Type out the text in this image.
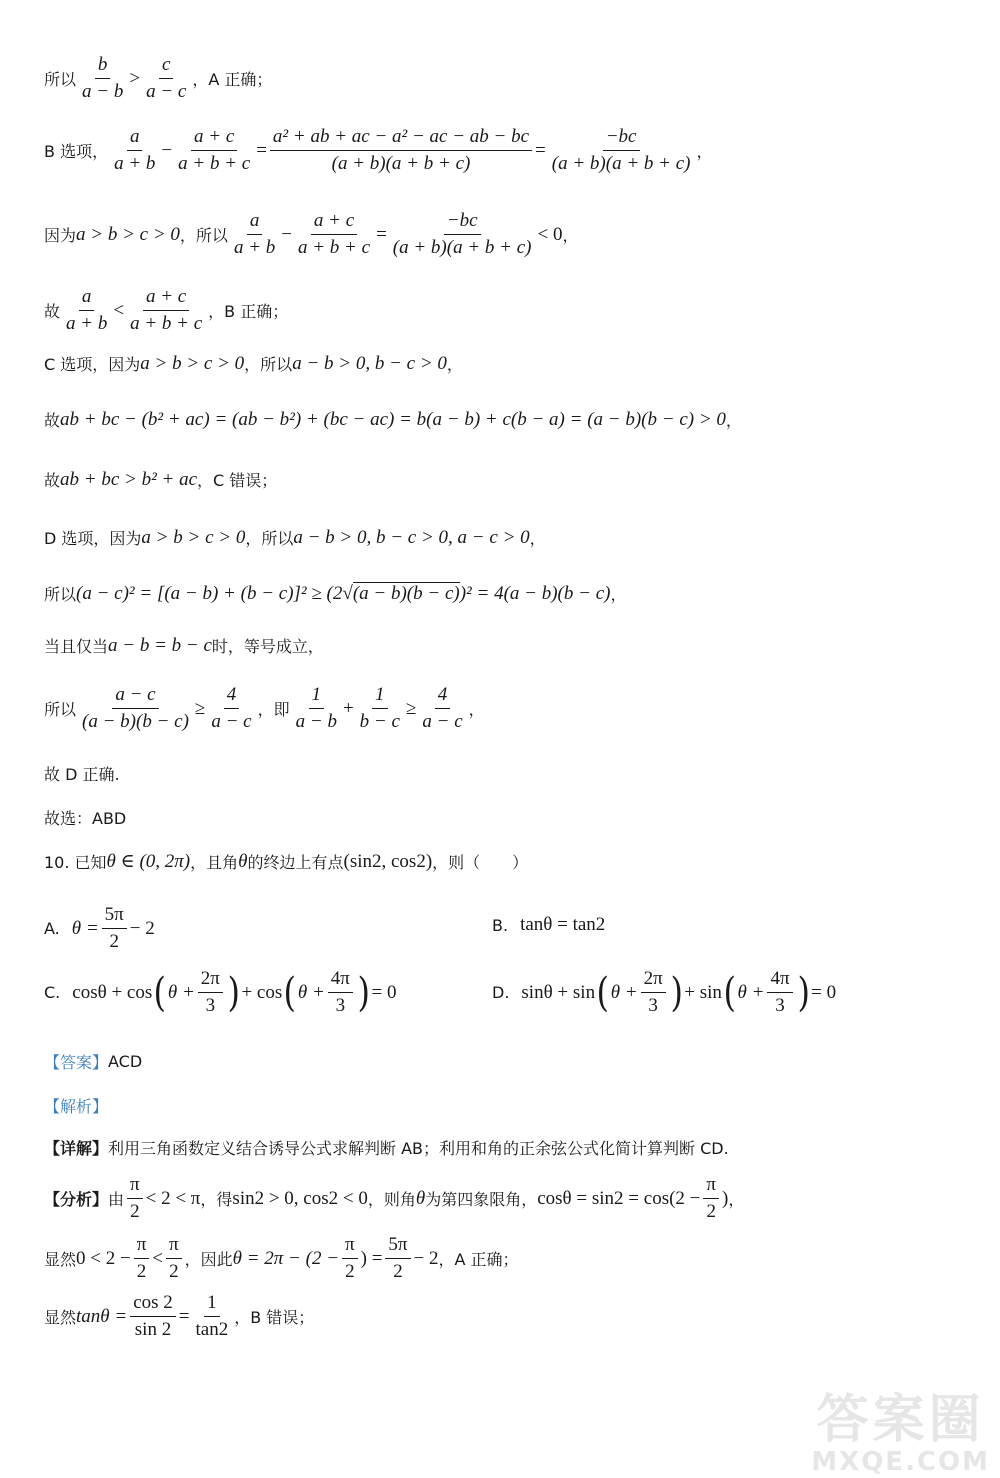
所以 $\frac{b}{a - b} > \frac{c}{a - c}$ ，A 正确；
B 选项， $\frac{a}{a + b} - \frac{a + c}{a + b + c} = \frac{\text{a² + ab + ac − a² − ac − ab − bc}}{(a + b)(a + b + c)} = \frac{-bc}{(a + b)(a + b + c)}$ ，
因为 a > b > c > 0 ，所以 $\frac{a}{a + b} - \frac{a + c}{a + b + c} = \frac{-bc}{(a + b)(a + b + c)} < 0$ ，
故 $\frac{a}{a + b} < \frac{a + c}{a + b + c}$ ，B 正确；
C 选项，因为 a > b > c > 0 ，所以 a − b > 0, b − c > 0 ，
故 ab + bc − (b² + ac) = (ab − b²) + (bc − ac) = b(a − b) + c(b − a) = (a − b)(b − c) > 0 ，
故 ab + bc > b² + ac ，C 错误；
D 选项，因为 a > b > c > 0 ，所以 a − b > 0, b − c > 0, a − c > 0 ，
所以 (a − c)² = [(a − b) + (b − c)]² ≥ (2 √ (a − b)(b − c) )² = 4(a − b)(b − c) ，
当且仅当 a − b = b − c 时，等号成立，
所以 $\frac{a - c}{(a - b)(b - c)} \ge \frac{4}{a - c}$ ，即 $\frac{1}{a - b} + \frac{1}{b - c} \ge \frac{4}{a - c}$ ，
故 D 正确.
故选：ABD
10. 已知 θ ∈ (0, 2π) ，且角 θ 的终边上有点 (sin2, cos2) ，则（　　）
A. $\theta = \frac{5\pi}{2} - 2$	B. tanθ = tan2
C. cosθ + cos ( $\theta + \frac{2\pi}{3}$ ) + cos ( $\theta + \frac{4\pi}{3}$ ) = 0	D. sinθ + sin ( $\theta + \frac{2\pi}{3}$ ) + sin ( $\theta + \frac{4\pi}{3}$ ) = 0
【答案】 ACD
【解析】
【详解】 利用三角函数定义结合诱导公式求解判断 AB；利用和角的正余弦公式化简计算判断 CD.
【分析】 由 $\frac{\pi}{2} < 2 < \pi$ ，得 sin2 > 0, cos2 < 0 ，则角 θ 为第四象限角， $\cos\theta = \sin 2 = \cos(2 - \frac{\pi}{2}$ ) ，
显然 $0 < 2 - \frac{\pi}{2} < \frac{\pi}{2}$ ，因此 $\theta = 2\pi - (2 - \frac{\pi}{2}$ ) = $\frac{5\pi}{2} - 2$ ，A 正确；
显然 $\tan\theta = \frac{\cos 2}{\sin 2} = \frac{1}{\tan 2}$ ，B 错误；
答案圈
MXQE.COM
